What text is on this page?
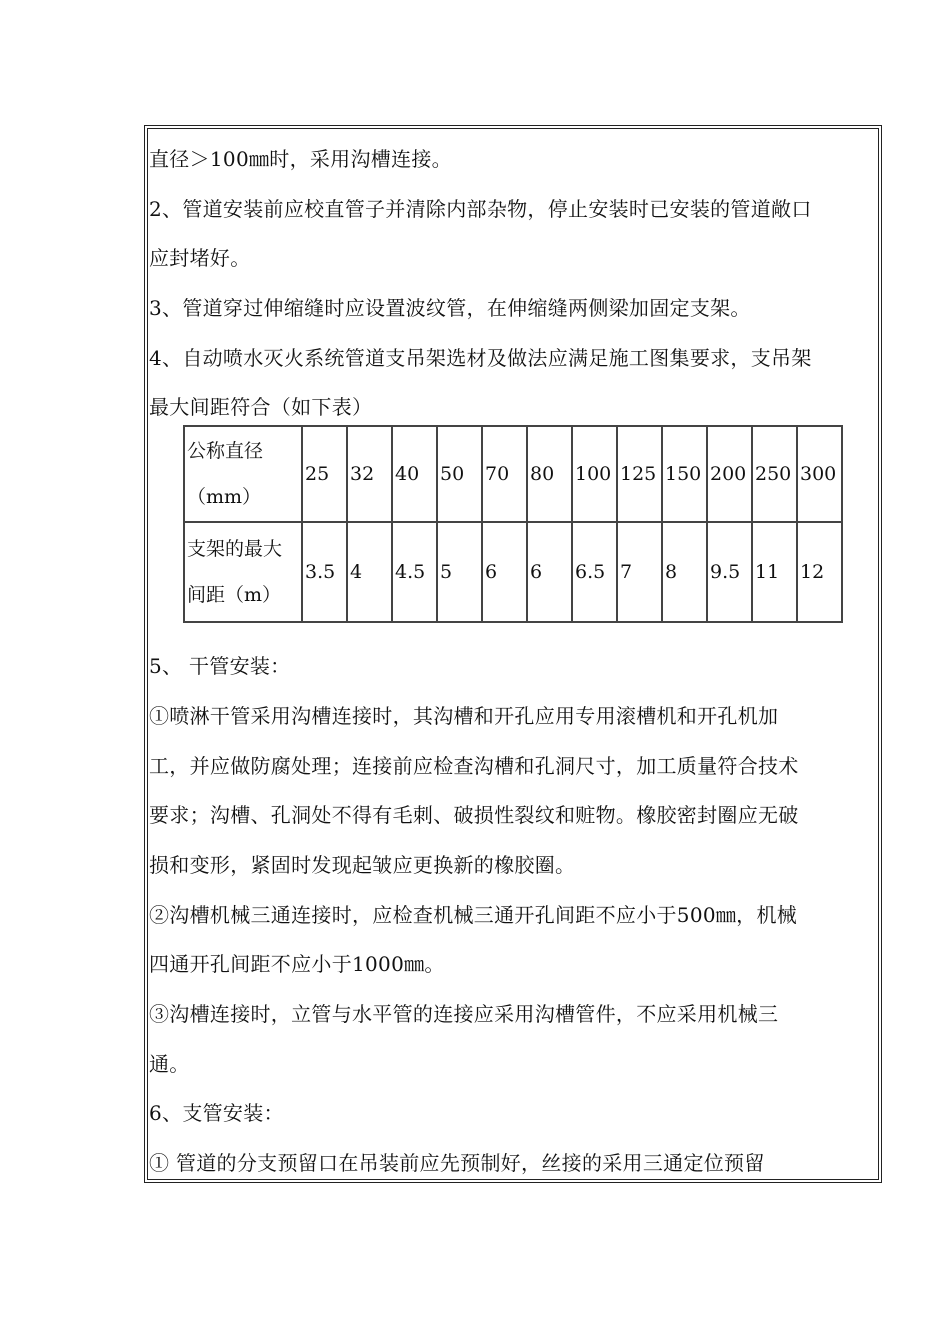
直径＞100㎜时，采用沟槽连接。
2、管道安装前应校直管子并清除内部杂物，停止安装时已安装的管道敞口
应封堵好。
3、管道穿过伸缩缝时应设置波纹管，在伸缩缝两侧梁加固定支架。
4、自动喷水灭火系统管道支吊架选材及做法应满足施工图集要求，支吊架
最大间距符合（如下表）
公称直径（mm）	25	32	40	50	70	80	100	125	150	200	250	300
支架的最大间距（m）	3.5	4	4.5	5	6	6	6.5	7	8	9.5	11	12
5、 干管安装：
①喷淋干管采用沟槽连接时，其沟槽和开孔应用专用滚槽机和开孔机加
工，并应做防腐处理；连接前应检查沟槽和孔洞尺寸，加工质量符合技术
要求；沟槽、孔洞处不得有毛刺、破损性裂纹和赃物。橡胶密封圈应无破
损和变形，紧固时发现起皱应更换新的橡胶圈。
②沟槽机械三通连接时，应检查机械三通开孔间距不应小于500㎜，机械
四通开孔间距不应小于1000㎜。
③沟槽连接时，立管与水平管的连接应采用沟槽管件，不应采用机械三
通。
6、支管安装：
① 管道的分支预留口在吊装前应先预制好，丝接的采用三通定位预留
